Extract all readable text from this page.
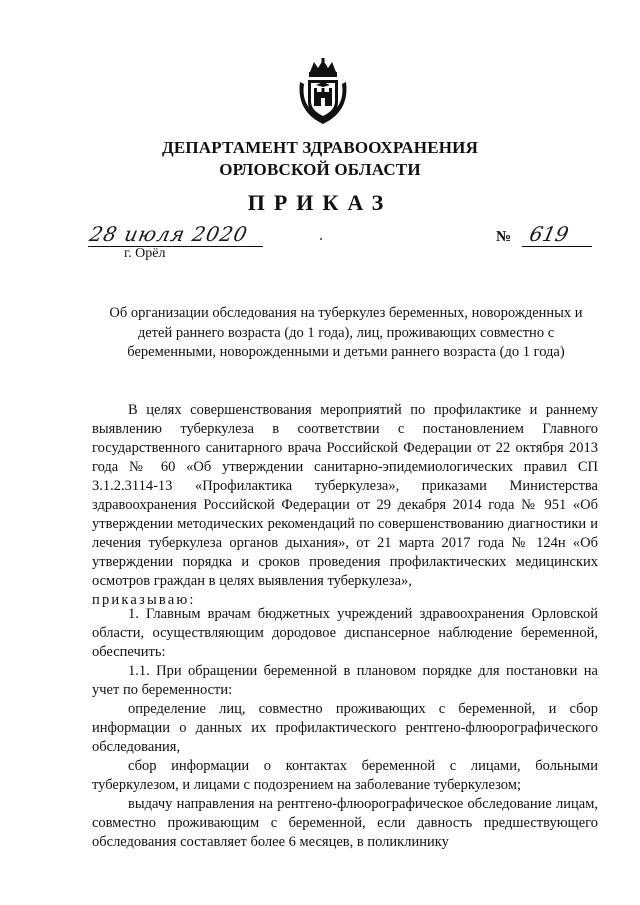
ДЕПАРТАМЕНТ ЗДРАВООХРАНЕНИЯ
ОРЛОВСКОЙ ОБЛАСТИ
ПРИКАЗ
28 июля 2020
г. Орёл
№ 619
Об организации обследования на туберкулез беременных, новорожденных и детей раннего возраста (до 1 года), лиц, проживающих совместно с беременными, новорожденными и детьми раннего возраста (до 1 года)

В целях совершенствования мероприятий по профилактике и раннему выявлению туберкулеза в соответствии с постановлением Главного государственного санитарного врача Российской Федерации от 22 октября 2013 года № 60 «Об утверждении санитарно-эпидемиологических правил СП 3.1.2.3114-13 «Профилактика туберкулеза», приказами Министерства здравоохранения Российской Федерации от 29 декабря 2014 года № 951 «Об утверждении методических рекомендаций по совершенствованию диагностики и лечения туберкулеза органов дыхания», от 21 марта 2017 года № 124н «Об утверждении порядка и сроков проведения профилактических медицинских осмотров граждан в целях выявления туберкулеза»,

приказываю:

1. Главным врачам бюджетных учреждений здравоохранения Орловской области, осуществляющим дородовое диспансерное наблюдение беременной, обеспечить:

1.1. При обращении беременной в плановом порядке для постановки на учет по беременности:

определение лиц, совместно проживающих с беременной, и сбор информации о данных их профилактического рентгено-флюорографического обследования,

сбор информации о контактах беременной с лицами, больными туберкулезом, и лицами с подозрением на заболевание туберкулезом;

выдачу направления на рентгено-флюорографическое обследование лицам, совместно проживающим с беременной, если давность предшествующего обследования составляет более 6 месяцев, в поликлинику
